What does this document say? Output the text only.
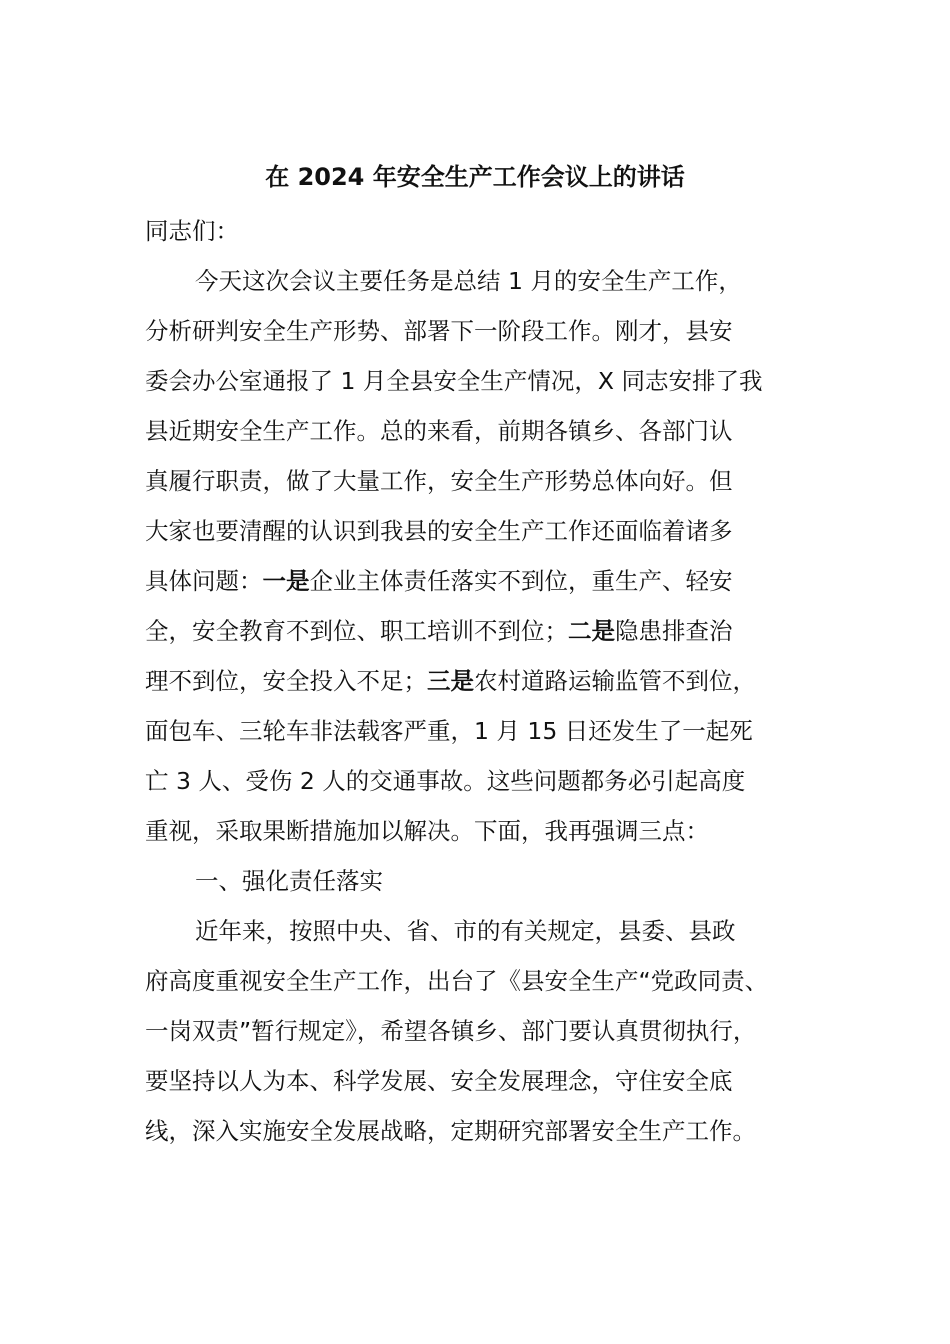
在 2024 年安全生产工作会议上的讲话
同志们：
今天这次会议主要任务是总结 1 月的安全生产工作，
分析研判安全生产形势、部署下一阶段工作。刚才，县安
委会办公室通报了 1 月全县安全生产情况，X 同志安排了我
县近期安全生产工作。总的来看，前期各镇乡、各部门认
真履行职责，做了大量工作，安全生产形势总体向好。但
大家也要清醒的认识到我县的安全生产工作还面临着诸多
具体问题：一是企业主体责任落实不到位，重生产、轻安
全，安全教育不到位、职工培训不到位；二是隐患排查治
理不到位，安全投入不足；三是农村道路运输监管不到位，
面包车、三轮车非法载客严重，1 月 15 日还发生了一起死
亡 3 人、受伤 2 人的交通事故。这些问题都务必引起高度
重视，采取果断措施加以解决。下面，我再强调三点：
一、强化责任落实
近年来，按照中央、省、市的有关规定，县委、县政
府高度重视安全生产工作，出台了《县安全生产“党政同责、
一岗双责”暂行规定》，希望各镇乡、部门要认真贯彻执行，
要坚持以人为本、科学发展、安全发展理念，守住安全底
线，深入实施安全发展战略，定期研究部署安全生产工作。
